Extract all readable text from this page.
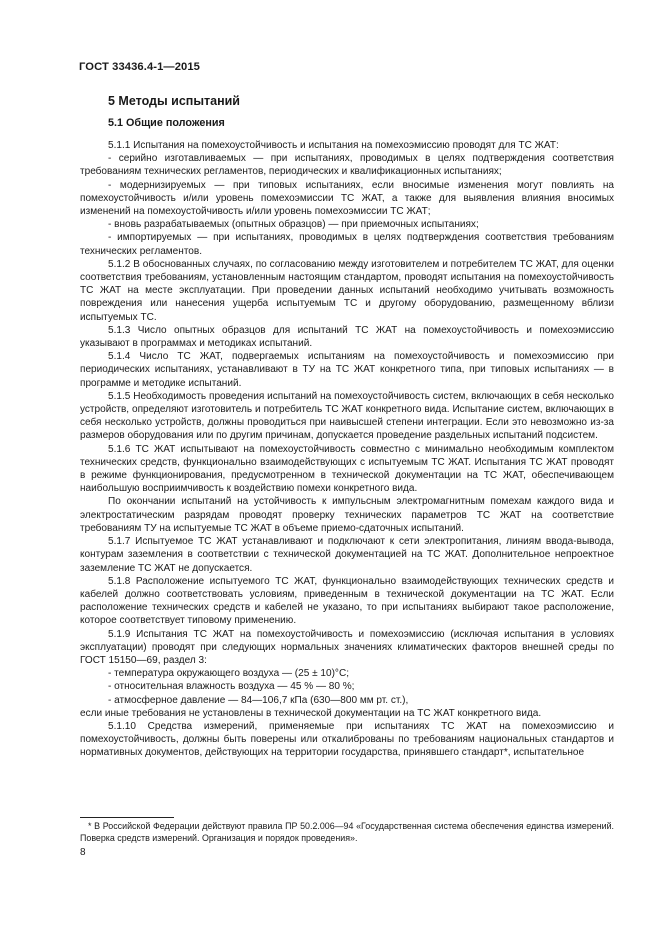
ГОСТ 33436.4-1—2015
5 Методы испытаний
5.1 Общие положения

5.1.1 Испытания на помехоустойчивость и испытания на помехоэмиссию проводят для ТС ЖАТ:

- серийно изготавливаемых — при испытаниях, проводимых в целях подтверждения соответствия требованиям технических регламентов, периодических и квалификационных испытаниях;

- модернизируемых — при типовых испытаниях, если вносимые изменения могут повлиять на помехоустойчивость и/или уровень помехоэмиссии ТС ЖАТ, а также для выявления влияния вносимых изменений на помехоустойчивость и/или уровень помехоэмиссии ТС ЖАТ;

- вновь разрабатываемых (опытных образцов) — при приемочных испытаниях;

- импортируемых — при испытаниях, проводимых в целях подтверждения соответствия требованиям технических регламентов.

5.1.2 В обоснованных случаях, по согласованию между изготовителем и потребителем ТС ЖАТ, для оценки соответствия требованиям, установленным настоящим стандартом, проводят испытания на помехоустойчивость ТС ЖАТ на месте эксплуатации. При проведении данных испытаний необходимо учитывать возможность повреждения или нанесения ущерба испытуемым ТС и другому оборудованию, размещенному вблизи испытуемых ТС.

5.1.3 Число опытных образцов для испытаний ТС ЖАТ на помехоустойчивость и помехоэмиссию указывают в программах и методиках испытаний.

5.1.4 Число ТС ЖАТ, подвергаемых испытаниям на помехоустойчивость и помехоэмиссию при периодических испытаниях, устанавливают в ТУ на ТС ЖАТ конкретного типа, при типовых испытаниях — в программе и методике испытаний.

5.1.5 Необходимость проведения испытаний на помехоустойчивость систем, включающих в себя несколько устройств, определяют изготовитель и потребитель ТС ЖАТ конкретного вида. Испытание систем, включающих в себя несколько устройств, должны проводиться при наивысшей степени интеграции. Если это невозможно из-за размеров оборудования или по другим причинам, допускается проведение раздельных испытаний подсистем.

5.1.6 ТС ЖАТ испытывают на помехоустойчивость совместно с минимально необходимым комплектом технических средств, функционально взаимодействующих с испытуемым ТС ЖАТ. Испытания ТС ЖАТ проводят в режиме функционирования, предусмотренном в технической документации на ТС ЖАТ, обеспечивающем наибольшую восприимчивость к воздействию помехи конкретного вида.

По окончании испытаний на устойчивость к импульсным электромагнитным помехам каждого вида и электростатическим разрядам проводят проверку технических параметров ТС ЖАТ на соответствие требованиям ТУ на испытуемые ТС ЖАТ в объеме приемо-сдаточных испытаний.

5.1.7 Испытуемое ТС ЖАТ устанавливают и подключают к сети электропитания, линиям ввода-вывода, контурам заземления в соответствии с технической документацией на ТС ЖАТ. Дополнительное непроектное заземление ТС ЖАТ не допускается.

5.1.8 Расположение испытуемого ТС ЖАТ, функционально взаимодействующих технических средств и кабелей должно соответствовать условиям, приведенным в технической документации на ТС ЖАТ. Если расположение технических средств и кабелей не указано, то при испытаниях выбирают такое расположение, которое соответствует типовому применению.

5.1.9 Испытания ТС ЖАТ на помехоустойчивость и помехоэмиссию (исключая испытания в условиях эксплуатации) проводят при следующих нормальных значениях климатических факторов внешней среды по ГОСТ 15150—69, раздел 3:

- температура окружающего воздуха — (25 ± 10)°С;

- относительная влажность воздуха — 45 % — 80 %;

- атмосферное давление — 84—106,7 кПа (630—800 мм рт. ст.),

если иные требования не установлены в технической документации на ТС ЖАТ конкретного вида.

5.1.10 Средства измерений, применяемые при испытаниях ТС ЖАТ на помехоэмиссию и помехоустойчивость, должны быть поверены или откалиброваны по требованиям национальных стандартов и нормативных документов, действующих на территории государства, принявшего стандарт*, испытательное

* В Российской Федерации действуют правила ПР 50.2.006—94 «Государственная система обеспечения единства измерений. Поверка средств измерений. Организация и порядок проведения».
8
